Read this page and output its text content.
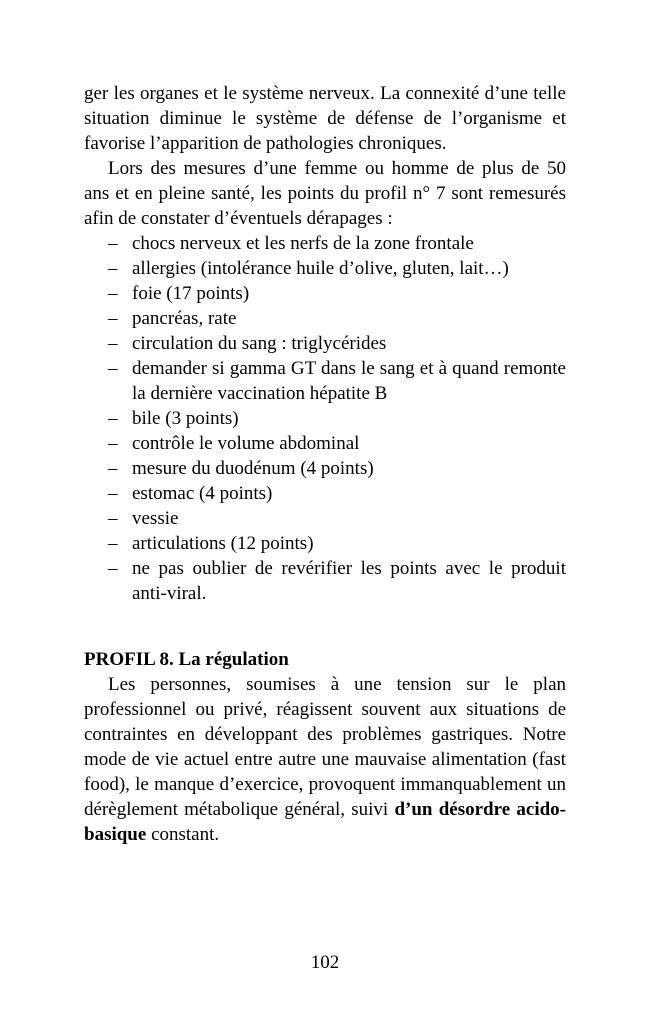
ger les organes et le système nerveux. La connexité d’une telle situation diminue le système de défense de l’organisme et favorise l’apparition de pathologies chroniques.

Lors des mesures d’une femme ou homme de plus de 50 ans et en pleine santé, les points du profil n° 7 sont remesurés afin de constater d’éventuels dérapages :

– chocs nerveux et les nerfs de la zone frontale
– allergies (intolérance huile d’olive, gluten, lait…)
– foie (17 points)
– pancréas, rate
– circulation du sang : triglycérides
– demander si gamma GT dans le sang et à quand remonte la dernière vaccination hépatite B
– bile (3 points)
– contrôle le volume abdominal
– mesure du duodénum (4 points)
– estomac (4 points)
– vessie
– articulations (12 points)
– ne pas oublier de revérifier les points avec le produit anti-viral.

PROFIL 8. La régulation

Les personnes, soumises à une tension sur le plan professionnel ou privé, réagissent souvent aux situations de contraintes en développant des problèmes gastriques. Notre mode de vie actuel entre autre une mauvaise alimentation (fast food), le manque d’exercice, provoquent immanquablement un dérèglement métabolique général, suivi d’un désordre acido-basique constant.

102
